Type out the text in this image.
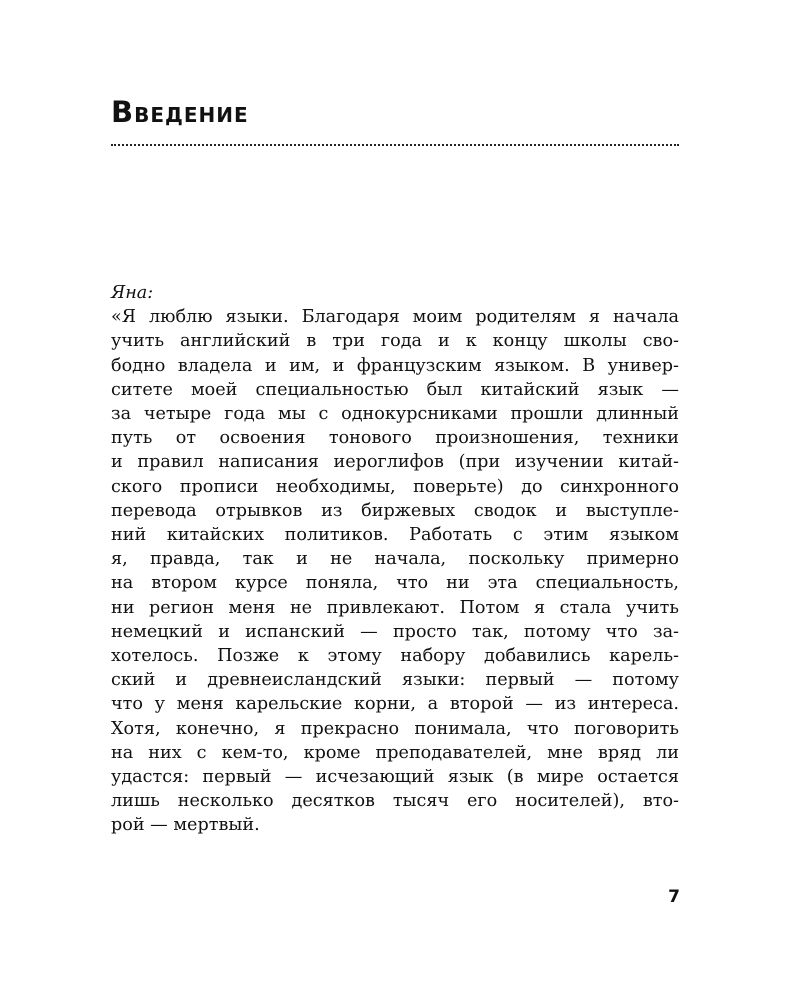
Введение
Яна:
«Я люблю языки. Благодаря моим родителям я начала
учить английский в три года и к концу школы сво-
бодно владела и им, и французским языком. В универ-
ситете моей специальностью был китайский язык —
за четыре года мы с однокурсниками прошли длинный
путь от освоения тонового произношения, техники
и правил написания иероглифов (при изучении китай-
ского прописи необходимы, поверьте) до синхронного
перевода отрывков из биржевых сводок и выступле-
ний китайских политиков. Работать с этим языком
я, правда, так и не начала, поскольку примерно
на втором курсе поняла, что ни эта специальность,
ни регион меня не привлекают. Потом я стала учить
немецкий и испанский — просто так, потому что за-
хотелось. Позже к этому набору добавились карель-
ский и древнеисландский языки: первый — потому
что у меня карельские корни, а второй — из интереса.
Хотя, конечно, я прекрасно понимала, что поговорить
на них с кем-то, кроме преподавателей, мне вряд ли
удастся: первый — исчезающий язык (в мире остается
лишь несколько десятков тысяч его носителей), вто-
рой — мертвый.
7
